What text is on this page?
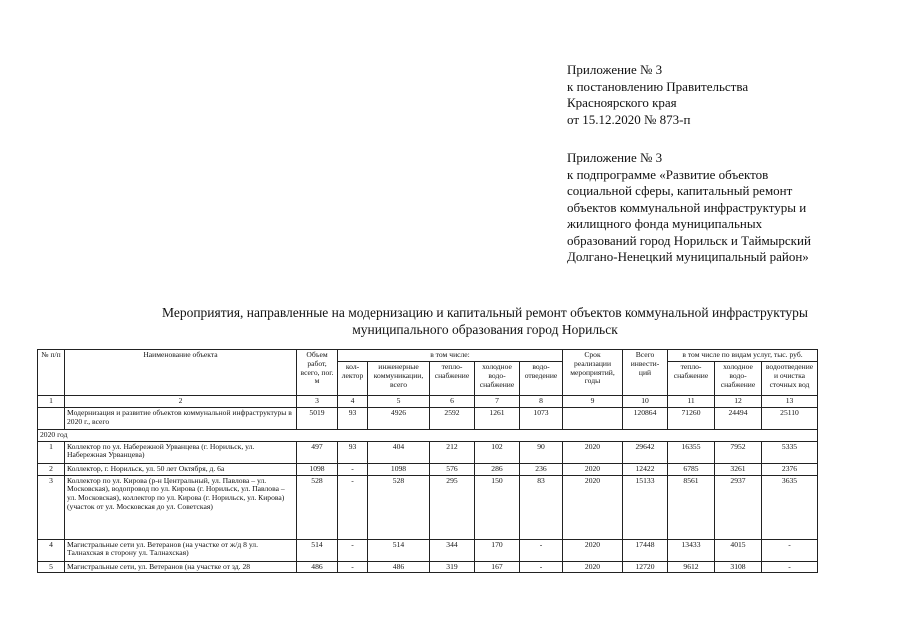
Приложение № 3
к постановлению Правительства
Красноярского края
от 15.12.2020 № 873-п
Приложение № 3
к подпрограмме «Развитие объектов
социальной сферы, капитальный ремонт
объектов коммунальной инфраструктуры и
жилищного фонда муниципальных
образований город Норильск и Таймырский
Долгано-Ненецкий муниципальный район»
Мероприятия, направленные на модернизацию и капитальный ремонт объектов коммунальной инфраструктуры
муниципального образования город Норильск
№ п/п	Наименование объекта	Объем работ, всего, пог. м	в том числе:					Срок реализации мероприятий, годы	Всего инвести-ций	в том числе по видам услуг, тыс. руб.		
			кол-лектор	инженерные коммуникации, всего	тепло-снабжение	холодное водо-снабжение	водо-отведение			тепло-снабжение	холодное водо-снабжение	водоотведение и очистка сточных вод
1	2	3	4	5	6	7	8	9	10	11	12	13
	Модернизация и развитие объектов коммунальной инфраструктуры в 2020 г., всего	5019	93	4926	2592	1261	1073		120864	71260	24494	25110
2020 год												
1	Коллектор по ул. Набережной Урванцева (г. Норильск, ул. Набережная Урванцева)	497	93	404	212	102	90	2020	29642	16355	7952	5335
2	Коллектор, г. Норильск, ул. 50 лет Октября, д. 6а	1098	-	1098	576	286	236	2020	12422	6785	3261	2376
3	Коллектор по ул. Кирова (р-н Центральный, ул. Павлова – ул. Московская), водопровод по ул. Кирова (г. Норильск, ул. Павлова – ул. Московская), коллектор по ул. Кирова (г. Норильск, ул. Кирова) (участок от ул. Московская до ул. Советская)	528	-	528	295	150	83	2020	15133	8561	2937	3635
4	Магистральные сети ул. Ветеранов (на участке от ж/д 8 ул. Талнахская в сторону ул. Талнахская)	514	-	514	344	170	-	2020	17448	13433	4015	-
5	Магистральные сети, ул. Ветеранов (на участке от зд. 28	486	-	486	319	167	-	2020	12720	9612	3108	-
